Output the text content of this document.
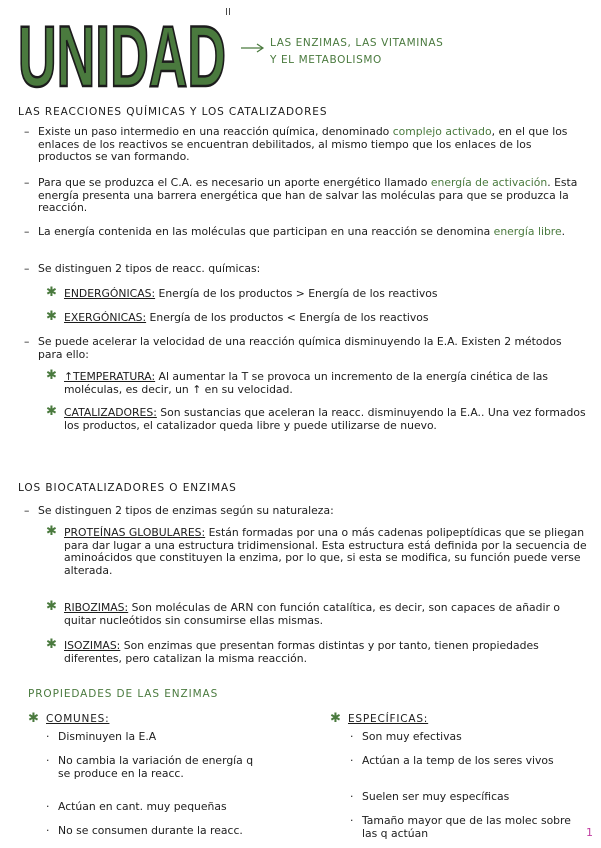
UNIDAD II
LAS ENZIMAS, LAS VITAMINAS
Y EL METABOLISMO
LAS REACCIONES QUÍMICAS Y LOS CATALIZADORES
– Existe un paso intermedio en una reacción química, denominado complejo activado, en el que los enlaces de los reactivos se encuentran debilitados, al mismo tiempo que los enlaces de los productos se van formando.
– Para que se produzca el C.A. es necesario un aporte energético llamado energía de activación. Esta energía presenta una barrera energética que han de salvar las moléculas para que se produzca la reacción.
– La energía contenida en las moléculas que participan en una reacción se denomina energía libre.
– Se distinguen 2 tipos de reacc. químicas:
✱ ENDERGÓNICAS: Energía de los productos > Energía de los reactivos
✱ EXERGÓNICAS: Energía de los productos < Energía de los reactivos
– Se puede acelerar la velocidad de una reacción química disminuyendo la E.A. Existen 2 métodos para ello:
✱ ↑TEMPERATURA: Al aumentar la T se provoca un incremento de la energía cinética de las moléculas, es decir, un ↑ en su velocidad.
✱ CATALIZADORES: Son sustancias que aceleran la reacc. disminuyendo la E.A.. Una vez formados los productos, el catalizador queda libre y puede utilizarse de nuevo.
LOS BIOCATALIZADORES O ENZIMAS
– Se distinguen 2 tipos de enzimas según su naturaleza:
✱ PROTEÍNAS GLOBULARES: Están formadas por una o más cadenas polipeptídicas que se pliegan para dar lugar a una estructura tridimensional. Esta estructura está definida por la secuencia de aminoácidos que constituyen la enzima, por lo que, si esta se modifica, su función puede verse alterada.
✱ RIBOZIMAS: Son moléculas de ARN con función catalítica, es decir, son capaces de añadir o quitar nucleótidos sin consumirse ellas mismas.
✱ ISOZIMAS: Son enzimas que presentan formas distintas y por tanto, tienen propiedades diferentes, pero catalizan la misma reacción.
PROPIEDADES DE LAS ENZIMAS
✱ COMUNES:	✱ ESPECÍFICAS:
· Disminuyen la E.A
· No cambia la variación de energía q se produce en la reacc.
· Actúan en cant. muy pequeñas
· No se consumen durante la reacc.
· Son muy efectivas
· Actúan a la temp de los seres vivos
· Suelen ser muy específicas
· Tamaño mayor que de las molec sobre las q actúan	1
